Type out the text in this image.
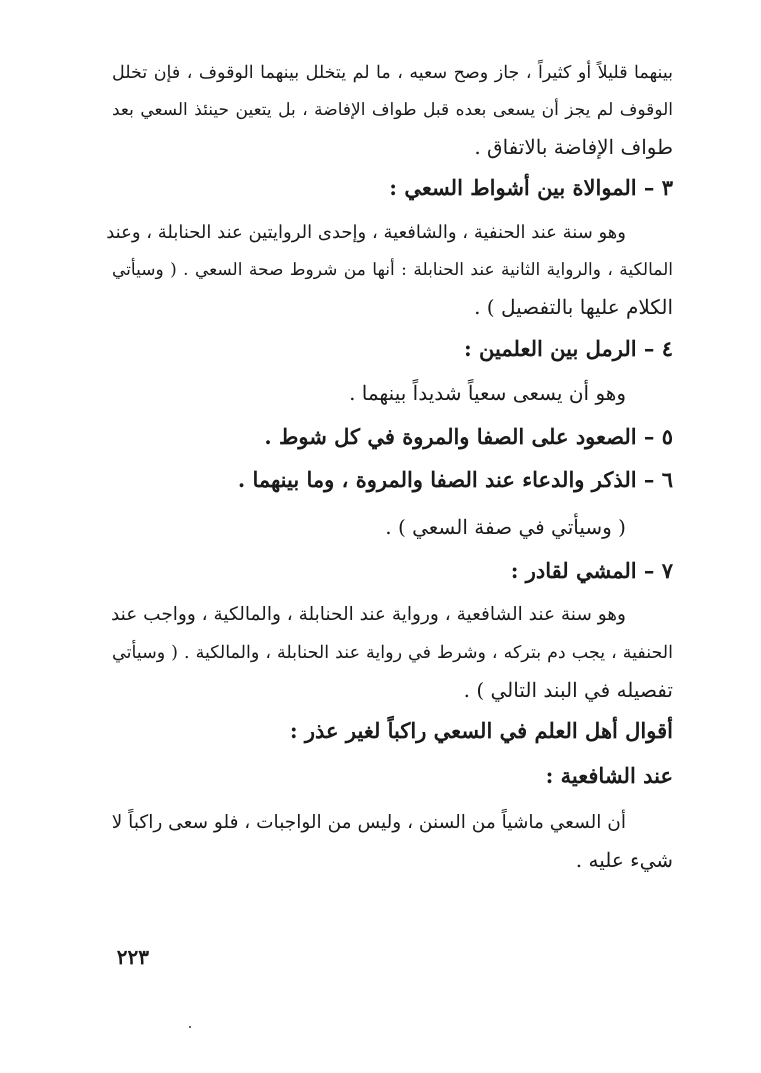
بينهما قليلاً أو كثيراً ، جاز وصح سعيه ، ما لم يتخلل بينهما الوقوف ، فإن تخلل
الوقوف لم يجز أن يسعى بعده قبل طواف الإفاضة ، بل يتعين حينئذ السعي بعد
طواف الإفاضة بالاتفاق .
٣ – الموالاة بين أشواط السعي :
وهو سنة عند الحنفية ، والشافعية ، وإحدى الروايتين عند الحنابلة ، وعند
المالكية ، والرواية الثانية عند الحنابلة : أنها من شروط صحة السعي . ( وسيأتي
الكلام عليها بالتفصيل ) .
٤ – الرمل بين العلمين :
وهو أن يسعى سعياً شديداً بينهما .
٥ – الصعود على الصفا والمروة في كل شوط .
٦ – الذكر والدعاء عند الصفا والمروة ، وما بينهما .
( وسيأتي في صفة السعي ) .
٧ – المشي لقادر :
وهو سنة عند الشافعية ، ورواية عند الحنابلة ، والمالكية ، وواجب عند
الحنفية ، يجب دم بتركه ، وشرط في رواية عند الحنابلة ، والمالكية . ( وسيأتي
تفصيله في البند التالي ) .
أقوال أهل العلم في السعي راكباً لغير عذر :
عند الشافعية :
أن السعي ماشياً من السنن ، وليس من الواجبات ، فلو سعى راكباً لا
شيء عليه .
٢٢٣
